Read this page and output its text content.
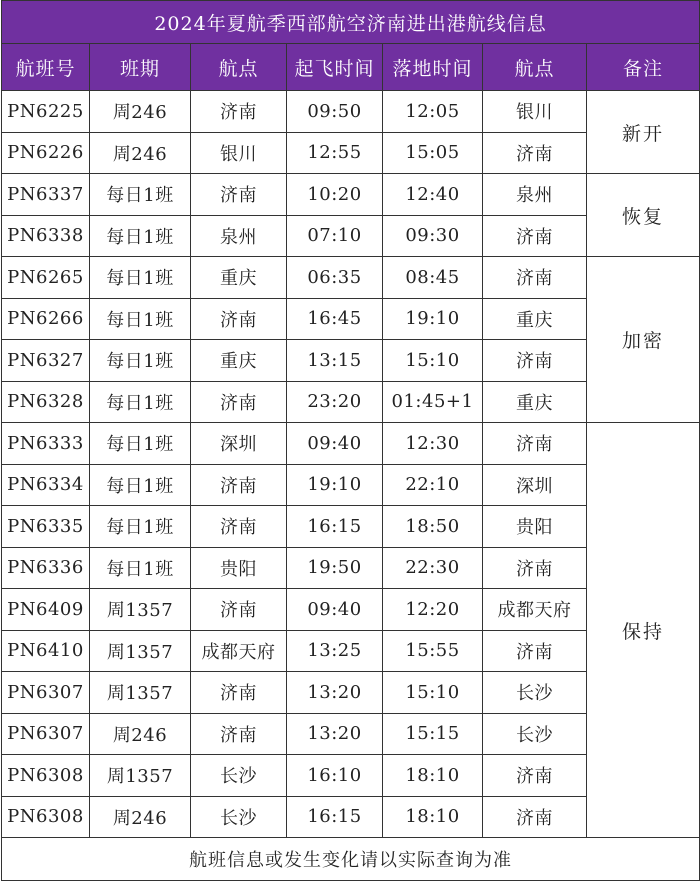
2024年夏航季西部航空济南进出港航线信息						
航班号	班期	航点	起飞时间	落地时间	航点	备注
PN6225	周246	济南	09:50	12:05	银川	新开
PN6226	周246	银川	12:55	15:05	济南	
PN6337	每日1班	济南	10:20	12:40	泉州	恢复
PN6338	每日1班	泉州	07:10	09:30	济南	
PN6265	每日1班	重庆	06:35	08:45	济南	加密
PN6266	每日1班	济南	16:45	19:10	重庆	
PN6327	每日1班	重庆	13:15	15:10	济南	
PN6328	每日1班	济南	23:20	01:45+1	重庆	
PN6333	每日1班	深圳	09:40	12:30	济南	保持
PN6334	每日1班	济南	19:10	22:10	深圳	
PN6335	每日1班	济南	16:15	18:50	贵阳	
PN6336	每日1班	贵阳	19:50	22:30	济南	
PN6409	周1357	济南	09:40	12:20	成都天府	
PN6410	周1357	成都天府	13:25	15:55	济南	
PN6307	周1357	济南	13:20	15:10	长沙	
PN6307	周246	济南	13:20	15:15	长沙	
PN6308	周1357	长沙	16:10	18:10	济南	
PN6308	周246	长沙	16:15	18:10	济南	
航班信息或发生变化请以实际查询为准						
